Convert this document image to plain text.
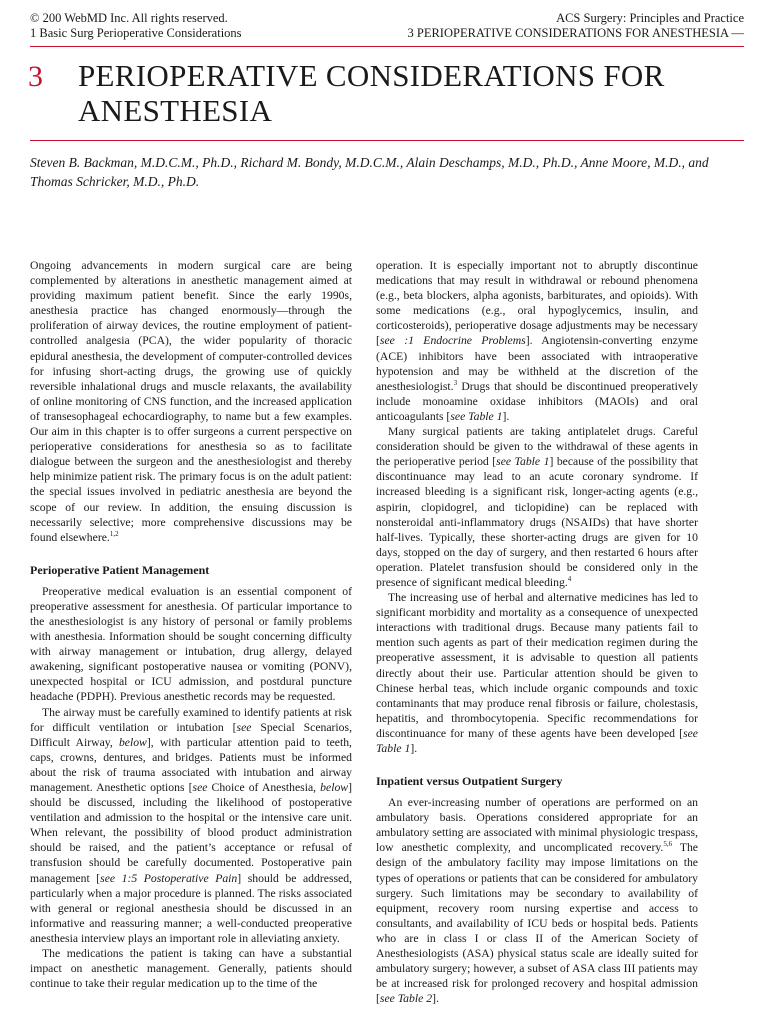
© 200 WebMD Inc. All rights reserved.
1 Basic Surg Perioperative Considerations
ACS Surgery: Principles and Practice
3 PERIOPERATIVE CONSIDERATIONS FOR ANESTHESIA —
3 PERIOPERATIVE CONSIDERATIONS FOR ANESTHESIA

Steven B. Backman, M.D.C.M., Ph.D., Richard M. Bondy, M.D.C.M., Alain Deschamps, M.D., Ph.D., Anne Moore, M.D., and Thomas Schricker, M.D., Ph.D.

Ongoing advancements in modern surgical care are being complemented by alterations in anesthetic management aimed at providing maximum patient benefit. Since the early 1990s, anesthesia practice has changed enormously—through the proliferation of airway devices, the routine employment of patient-controlled analgesia (PCA), the wider popularity of thoracic epidural anesthesia, the development of computer-controlled devices for infusing short-acting drugs, the growing use of quickly reversible inhalational drugs and muscle relaxants, the availability of online monitoring of CNS function, and the increased application of transesophageal echocardiography, to name but a few examples. Our aim in this chapter is to offer surgeons a current perspective on perioperative considerations for anesthesia so as to facilitate dialogue between the surgeon and the anesthesiologist and thereby help minimize patient risk. The primary focus is on the adult patient: the special issues involved in pediatric anesthesia are beyond the scope of our review. In addition, the ensuing discussion is necessarily selective; more comprehensive discussions may be found elsewhere.$^{1,2}$

Perioperative Patient Management

Preoperative medical evaluation is an essential component of preoperative assessment for anesthesia. Of particular importance to the anesthesiologist is any history of personal or family problems with anesthesia. Information should be sought concerning difficulty with airway management or intubation, drug allergy, delayed awakening, significant postoperative nausea or vomiting (PONV), unexpected hospital or ICU admission, and postdural puncture headache (PDPH). Previous anesthetic records may be requested.

The airway must be carefully examined to identify patients at risk for difficult ventilation or intubation [see Special Scenarios, Difficult Airway, below], with particular attention paid to teeth, caps, crowns, dentures, and bridges. Patients must be informed about the risk of trauma associated with intubation and airway management. Anesthetic options [see Choice of Anesthesia, below] should be discussed, including the likelihood of postoperative ventilation and admission to the hospital or the intensive care unit. When relevant, the possibility of blood product administration should be raised, and the patient’s acceptance or refusal of transfusion should be carefully documented. Postoperative pain management [see 1:5 Postoperative Pain] should be addressed, particularly when a major procedure is planned. The risks associated with general or regional anesthesia should be discussed in an informative and reassuring manner; a well-conducted preoperative anesthesia interview plays an important role in alleviating anxiety.

The medications the patient is taking can have a substantial impact on anesthetic management. Generally, patients should continue to take their regular medication up to the time of the

operation. It is especially important not to abruptly discontinue medications that may result in withdrawal or rebound phenomena (e.g., beta blockers, alpha agonists, barbiturates, and opioids). With some medications (e.g., oral hypoglycemics, insulin, and corticosteroids), perioperative dosage adjustments may be necessary [see :1 Endocrine Problems]. Angiotensin-converting enzyme (ACE) inhibitors have been associated with intraoperative hypotension and may be withheld at the discretion of the anesthesiologist.$^3$ Drugs that should be discontinued preoperatively include monoamine oxidase inhibitors (MAOIs) and oral anticoagulants [see Table 1].

Many surgical patients are taking antiplatelet drugs. Careful consideration should be given to the withdrawal of these agents in the perioperative period [see Table 1] because of the possibility that discontinuance may lead to an acute coronary syndrome. If increased bleeding is a significant risk, longer-acting agents (e.g., aspirin, clopidogrel, and ticlopidine) can be replaced with nonsteroidal anti-inflammatory drugs (NSAIDs) that have shorter half-lives. Typically, these shorter-acting drugs are given for 10 days, stopped on the day of surgery, and then restarted 6 hours after operation. Platelet transfusion should be considered only in the presence of significant medical bleeding.$^4$

The increasing use of herbal and alternative medicines has led to significant morbidity and mortality as a consequence of unexpected interactions with traditional drugs. Because many patients fail to mention such agents as part of their medication regimen during the preoperative assessment, it is advisable to question all patients directly about their use. Particular attention should be given to Chinese herbal teas, which include organic compounds and toxic contaminants that may produce renal fibrosis or failure, cholestasis, hepatitis, and thrombocytopenia. Specific recommendations for discontinuance for many of these agents have been developed [see Table 1].

Inpatient versus Outpatient Surgery

An ever-increasing number of operations are performed on an ambulatory basis. Operations considered appropriate for an ambulatory setting are associated with minimal physiologic trespass, low anesthetic complexity, and uncomplicated recovery.$^{5,6}$ The design of the ambulatory facility may impose limitations on the types of operations or patients that can be considered for ambulatory surgery. Such limitations may be secondary to availability of equipment, recovery room nursing expertise and access to consultants, and availability of ICU beds or hospital beds. Patients who are in class I or class II of the American Society of Anesthesiologists (ASA) physical status scale are ideally suited for ambulatory surgery; however, a subset of ASA class III patients may be at increased risk for prolonged recovery and hospital admission [see Table 2].
